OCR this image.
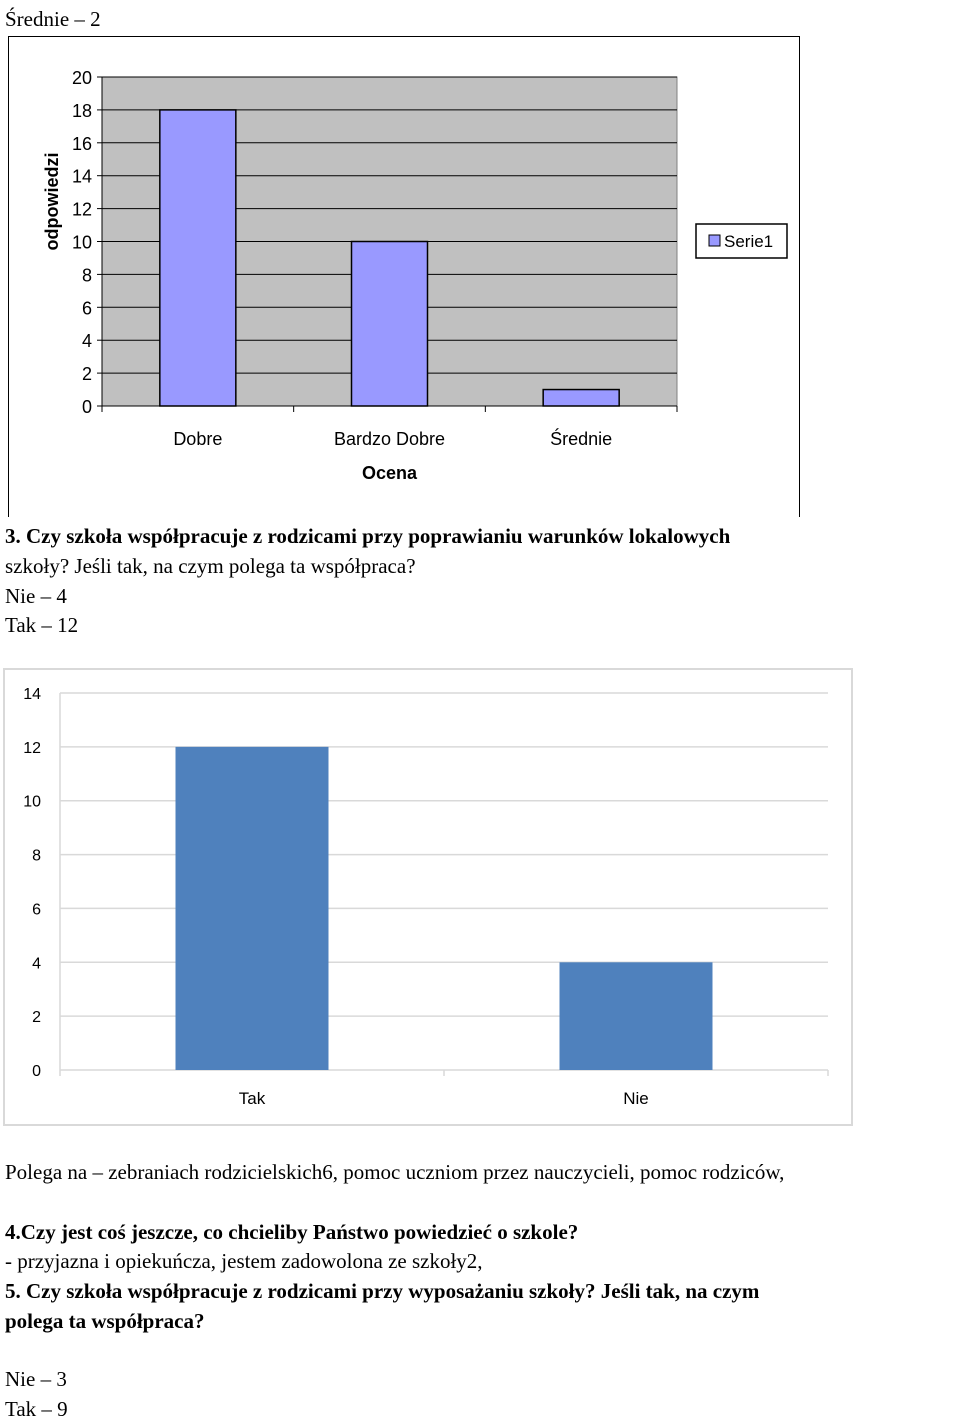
Średnie – 2
0
2
4
6
8
10
12
14
16
18
20
Dobre	Bardzo Dobre	Średnie
Ocena
odpowiedzi	Serie1
3. Czy szkoła współpracuje z rodzicami przy poprawianiu warunków lokalowych
szkoły? Jeśli tak, na czym polega ta współpraca?
Nie – 4
Tak – 12
0
2
4
6
8
10
12
14
Tak	Nie
Polega na – zebraniach rodzicielskich6, pomoc uczniom przez nauczycieli, pomoc rodziców,
4.Czy jest coś jeszcze, co chcieliby Państwo powiedzieć o szkole?
- przyjazna i opiekuńcza, jestem zadowolona ze szkoły2,
5. Czy szkoła współpracuje z rodzicami przy wyposażaniu szkoły? Jeśli tak, na czym
polega ta współpraca?
Nie – 3
Tak – 9
